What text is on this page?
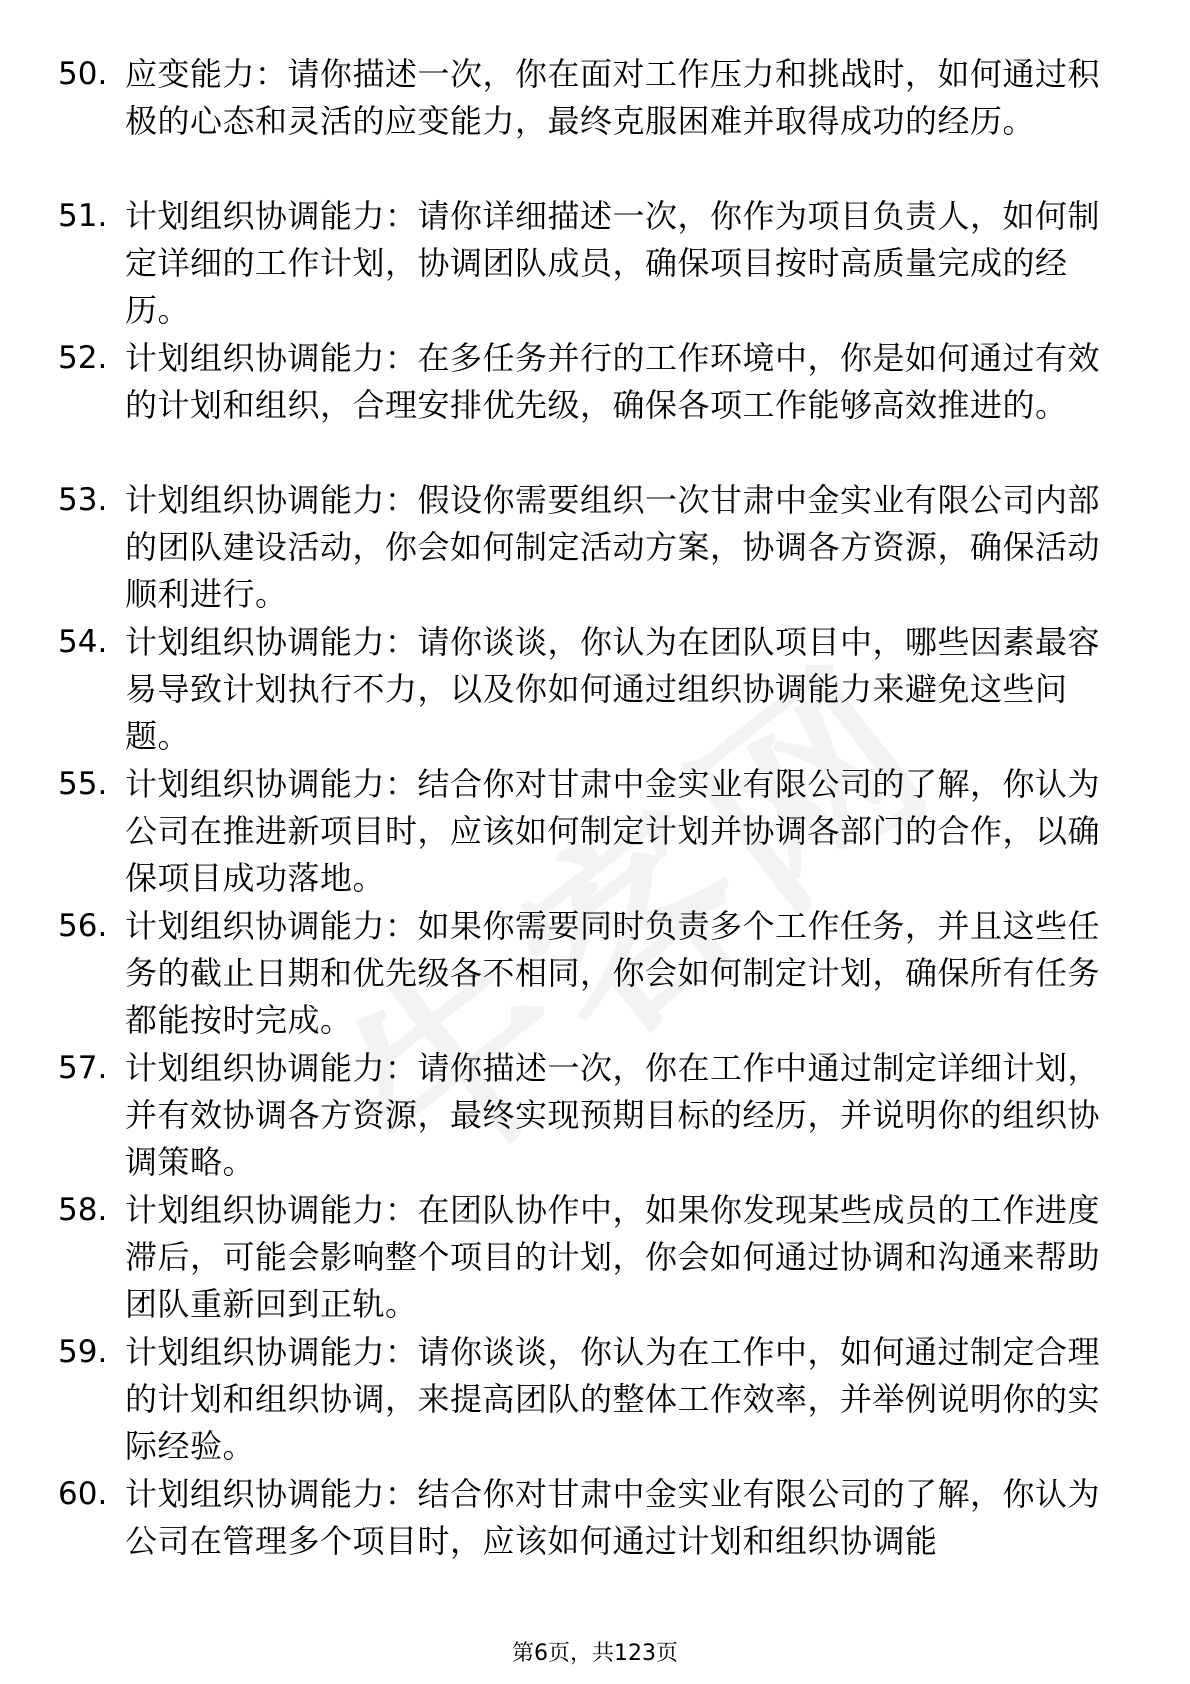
50. 应变能力：请你描述一次，你在面对工作压力和挑战时，如何通过积极的心态和灵活的应变能力，最终克服困难并取得成功的经历。
51. 计划组织协调能力：请你详细描述一次，你作为项目负责人，如何制定详细的工作计划，协调团队成员，确保项目按时高质量完成的经历。
52. 计划组织协调能力：在多任务并行的工作环境中，你是如何通过有效的计划和组织，合理安排优先级，确保各项工作能够高效推进的。
53. 计划组织协调能力：假设你需要组织一次甘肃中金实业有限公司内部的团队建设活动，你会如何制定活动方案，协调各方资源，确保活动顺利进行。
54. 计划组织协调能力：请你谈谈，你认为在团队项目中，哪些因素最容易导致计划执行不力，以及你如何通过组织协调能力来避免这些问题。
55. 计划组织协调能力：结合你对甘肃中金实业有限公司的了解，你认为公司在推进新项目时，应该如何制定计划并协调各部门的合作，以确保项目成功落地。
56. 计划组织协调能力：如果你需要同时负责多个工作任务，并且这些任务的截止日期和优先级各不相同，你会如何制定计划，确保所有任务都能按时完成。
57. 计划组织协调能力：请你描述一次，你在工作中通过制定详细计划，并有效协调各方资源，最终实现预期目标的经历，并说明你的组织协调策略。
58. 计划组织协调能力：在团队协作中，如果你发现某些成员的工作进度滞后，可能会影响整个项目的计划，你会如何通过协调和沟通来帮助团队重新回到正轨。
59. 计划组织协调能力：请你谈谈，你认为在工作中，如何通过制定合理的计划和组织协调，来提高团队的整体工作效率，并举例说明你的实际经验。
60. 计划组织协调能力：结合你对甘肃中金实业有限公司的了解，你认为公司在管理多个项目时，应该如何通过计划和组织协调能
第6页，共123页
